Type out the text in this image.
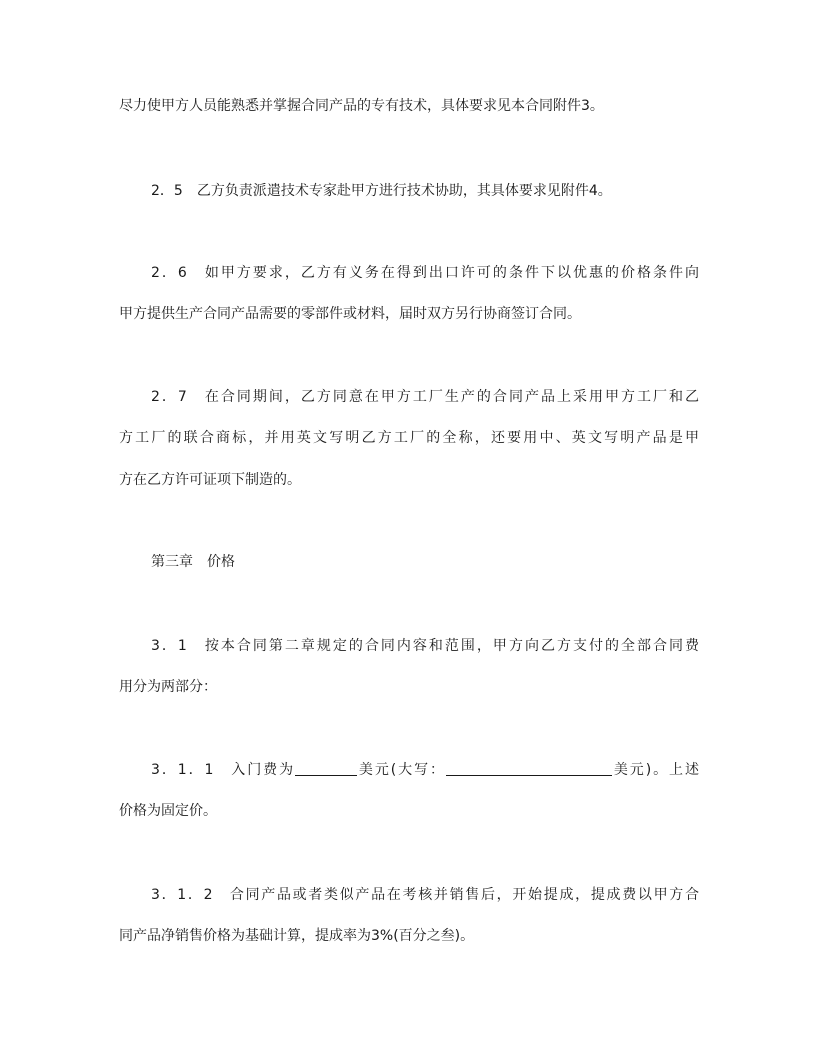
尽力使甲方人员能熟悉并掌握合同产品的专有技术，具体要求见本合同附件3。
2．5　乙方负责派遣技术专家赴甲方进行技术协助，其具体要求见附件4。
2．6　如甲方要求，乙方有义务在得到出口许可的条件下以优惠的价格条件向
甲方提供生产合同产品需要的零部件或材料，届时双方另行协商签订合同。
2．7　在合同期间，乙方同意在甲方工厂生产的合同产品上采用甲方工厂和乙
方工厂的联合商标，并用英文写明乙方工厂的全称，还要用中、英文写明产品是甲
方在乙方许可证项下制造的。
第三章　价格
3．1　按本合同第二章规定的合同内容和范围，甲方向乙方支付的全部合同费
用分为两部分：
3．1．1　入门费为	美元(大写：	美元)。上述
价格为固定价。
3．1．2　合同产品或者类似产品在考核并销售后，开始提成，提成费以甲方合
同产品净销售价格为基础计算，提成率为3%(百分之叁)。
